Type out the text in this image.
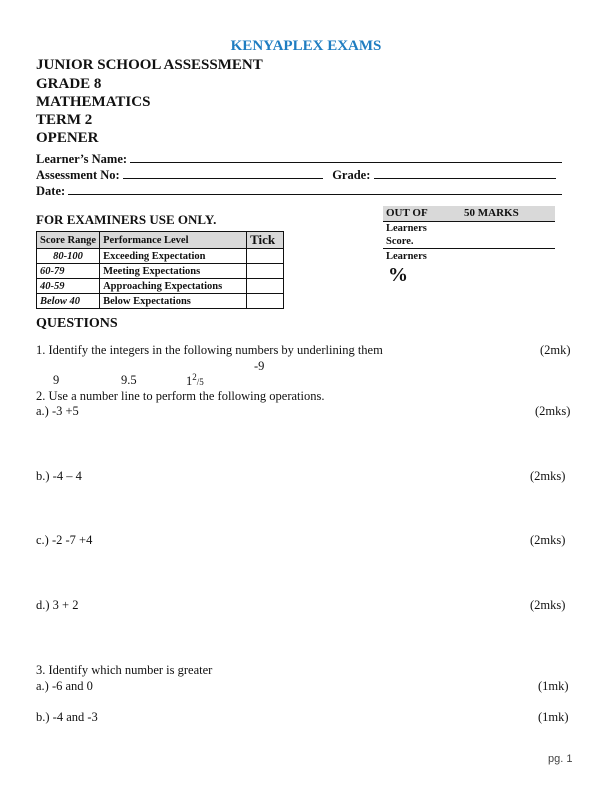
KENYAPLEX EXAMS
JUNIOR SCHOOL ASSESSMENT
GRADE 8
MATHEMATICS
TERM 2
OPENER
Learner’s Name:
Assessment No:	Grade:
Date:
FOR EXAMINERS USE ONLY.
Score Range	Performance Level	Tick
80-100	Exceeding Expectation	
60-79	Meeting Expectations	
40-59	Approaching Expectations	
Below 40	Below Expectations	
OUT OF	50 MARKS
Learners
Score.
Learners
%
QUESTIONS
1. Identify the integers in the following numbers by underlining them	(2mk)
-9
9	9.5	$1^2/5$
2. Use a number line to perform the following operations.
a.) -3 +5	(2mks)
b.) -4 – 4	(2mks)
c.) -2 -7 +4	(2mks)
d.) 3 + 2	(2mks)
3. Identify which number is greater
a.) -6 and 0	(1mk)
b.) -4 and -3	(1mk)
pg. 1
